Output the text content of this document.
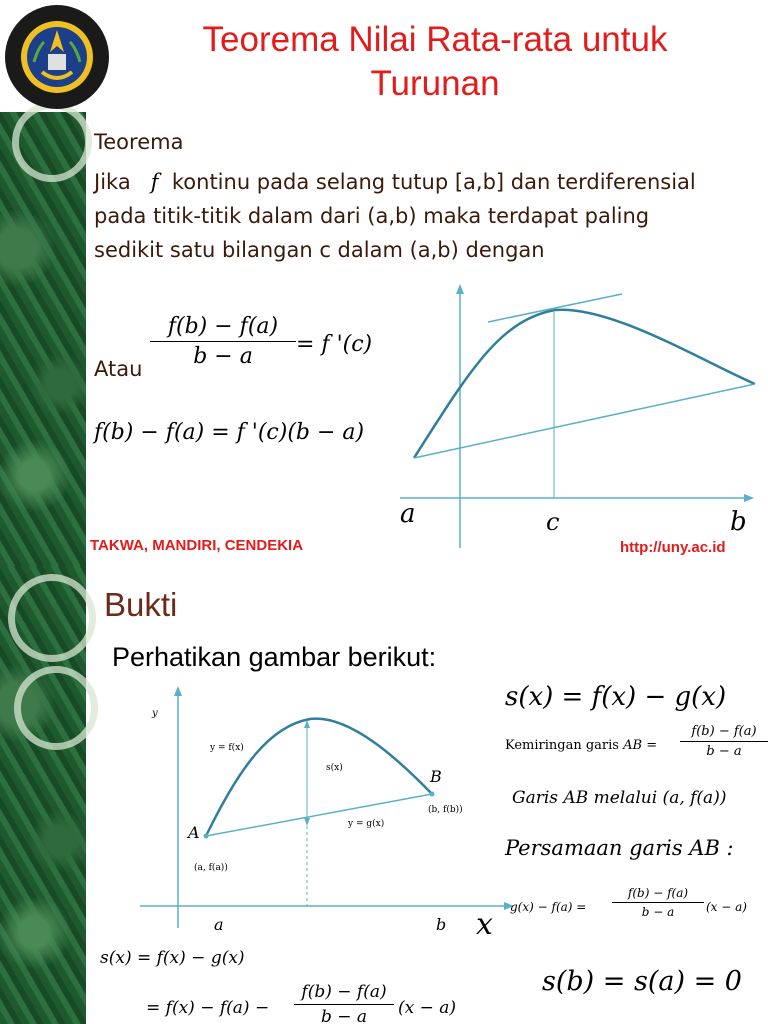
Teorema Nilai Rata-rata untuk
Turunan
Teorema
Jika f kontinu pada selang tutup [a,b] dan terdiferensial
pada titik-titik dalam dari (a,b) maka terdapat paling
sedikit satu bilangan c dalam (a,b) dengan
f(b) − f(a)
b − a	= f '(c)
Atau
f(b) − f(a) = f '(c)(b − a)
a	c	b
TAKWA, MANDIRI, CENDEKIA	http://uny.ac.id
Bukti
Perhatikan gambar berikut:
y
y = f(x)
s(x)
y = g(x)
A
B
(a, f(a))
(b, f(b))
a	b x
s(x) = f(x) − g(x)
Kemiringan garis AB =
f(b) − f(a)
b − a
Garis AB melalui (a, f(a))
Persamaan garis AB :
g(x) − f(a) =
f(b) − f(a)
b − a	(x − a)
s(x) = f(x) − g(x)
= f(x) − f(a) −
f(b) − f(a)
b − a	(x − a)
s(b) = s(a) = 0
